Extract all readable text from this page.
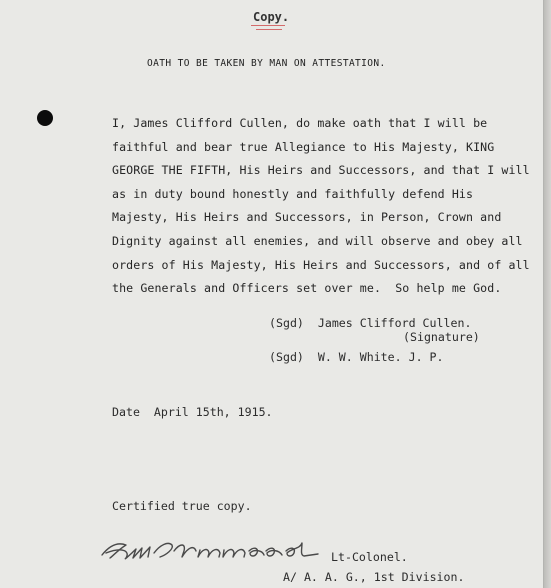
Copy.
OATH TO BE TAKEN BY MAN ON ATTESTATION.
I, James Clifford Cullen, do make oath that I will be
faithful and bear true Allegiance to His Majesty, KING
GEORGE THE FIFTH, His Heirs and Successors, and that I will
as in duty bound honestly and faithfully defend His
Majesty, His Heirs and Successors, in Person, Crown and
Dignity against all enemies, and will observe and obey all
orders of His Majesty, His Heirs and Successors, and of all
the Generals and Officers set over me.  So help me God.
(Sgd)  James Clifford Cullen.
(Signature)
(Sgd)  W. W. White. J. P.
Date  April 15th, 1915.
Certified true copy.
Lt-Colonel.
A/ A. A. G., 1st Division.
